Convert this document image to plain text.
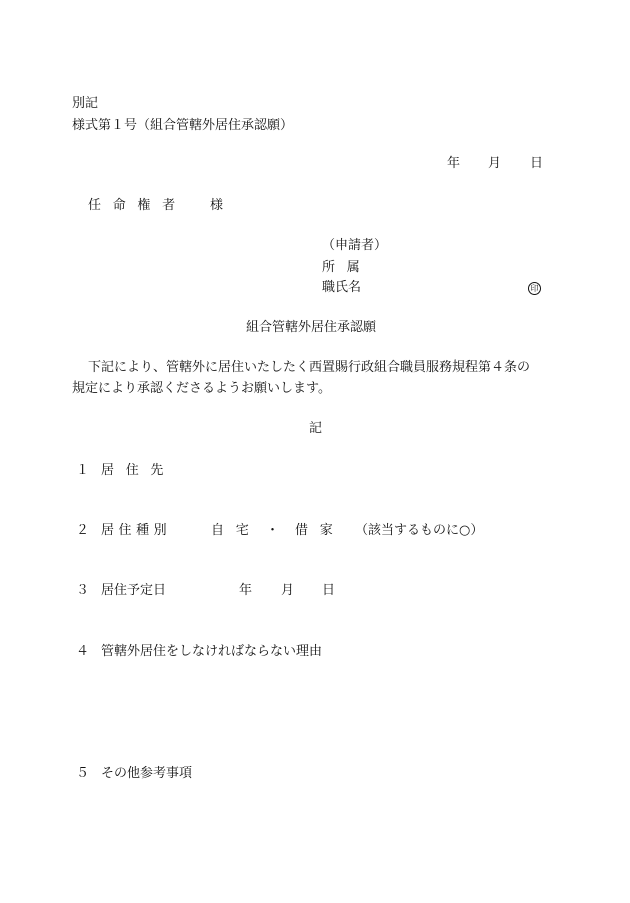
別記
様式第１号（組合管轄外居住承認願）
年 月 日
任命権者 様
（申請者）
所属
職氏名	印
組合管轄外居住承認願
下記により、管轄外に居住いたしたく西置賜行政組合職員服務規程第４条の
規定により承認くださるようお願いします。
記
１ 居住先
２ 居住種別	自宅 ・ 借家 （該当するものに○）
３ 居住予定日	年 月 日
４ 管轄外居住をしなければならない理由
５ その他参考事項
